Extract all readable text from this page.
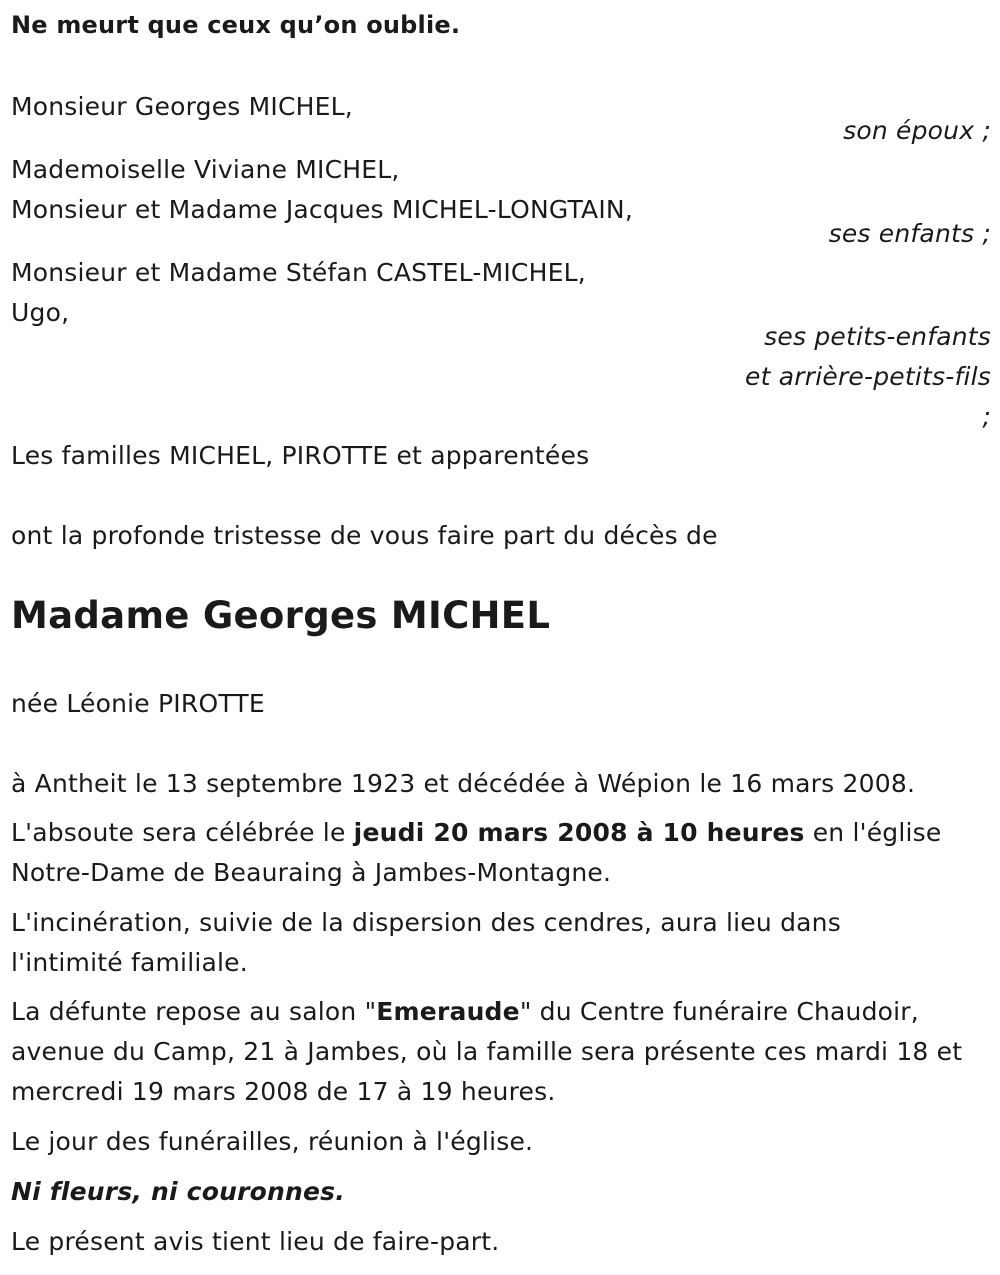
Ne meurt que ceux qu’on oublie.
Monsieur Georges MICHEL,
son époux ;
Mademoiselle Viviane MICHEL,
Monsieur et Madame Jacques MICHEL-LONGTAIN,
ses enfants ;
Monsieur et Madame Stéfan CASTEL-MICHEL,
Ugo,
ses petits-enfants
et arrière-petits-fils
;
Les familles MICHEL, PIROTTE et apparentées
ont la profonde tristesse de vous faire part du décès de
Madame Georges MICHEL
née Léonie PIROTTE
à Antheit le 13 septembre 1923 et décédée à Wépion le 16 mars 2008.
L'absoute sera célébrée le jeudi 20 mars 2008 à 10 heures en l'église
Notre-Dame de Beauraing à Jambes-Montagne.
L'incinération, suivie de la dispersion des cendres, aura lieu dans
l'intimité familiale.
La défunte repose au salon "Emeraude" du Centre funéraire Chaudoir,
avenue du Camp, 21 à Jambes, où la famille sera présente ces mardi 18 et
mercredi 19 mars 2008 de 17 à 19 heures.
Le jour des funérailles, réunion à l'église.
Ni fleurs, ni couronnes.
Le présent avis tient lieu de faire-part.
